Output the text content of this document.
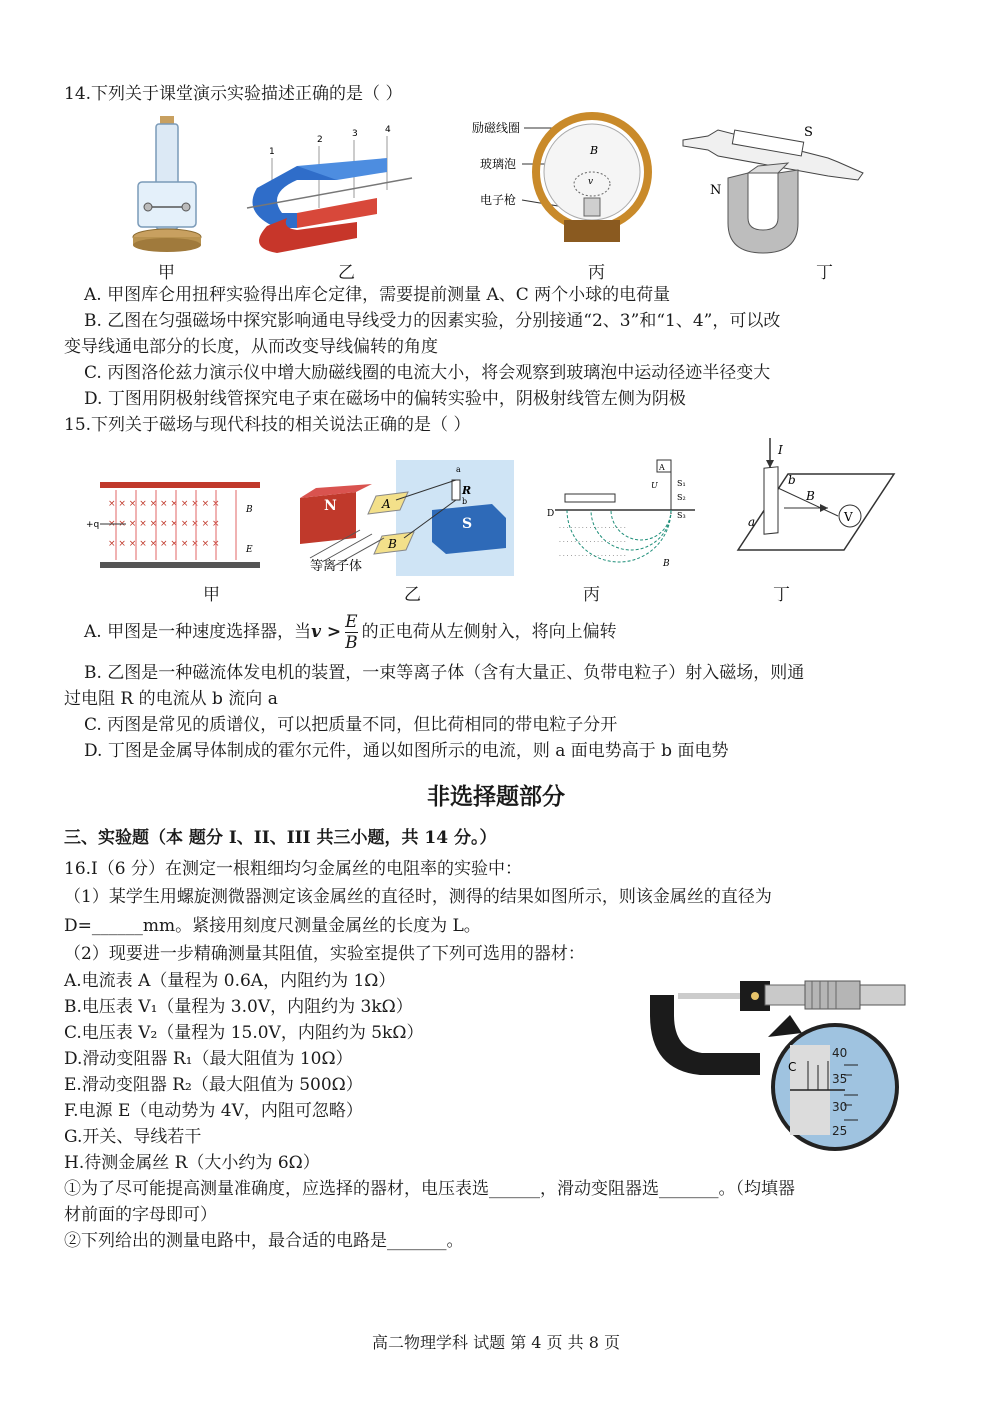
14.下列关于课堂演示实验描述正确的是（ ）
甲
1
2
3	4
乙
励磁线圈
玻璃泡
电子枪
B
v
丙
S
N
丁
A. 甲图库仑用扭秤实验得出库仑定律，需要提前测量 A、C 两个小球的电荷量
B. 乙图在匀强磁场中探究影响通电导线受力的因素实验，分别接通“2、3”和“1、4”，可以改
变导线通电部分的长度，从而改变导线偏转的角度
C. 丙图洛伦兹力演示仪中增大励磁线圈的电流大小，将会观察到玻璃泡中运动径迹半径变大
D. 丁图用阴极射线管探究电子束在磁场中的偏转实验中，阴极射线管左侧为阴极
15.下列关于磁场与现代科技的相关说法正确的是（ ）
× × × × × × × × × × ×
× × × × × × × × × × ×
× × × × × × × × × × ×
+q
B
E
甲
N	A
B
S
R
a
b
等离子体
乙
A
U S₁
S₂
S₃
D
· · · · · · · · · · · · · · · · · ·
· · · · · · · · · · · · · · · · · ·
· · · · · · · · · · · · · · · · · ·
B
丙
I
b
a
B
V
丁
A. 甲图是一种速度选择器，当$v > \frac{E}{B}$ 的正电荷从左侧射入，将向上偏转
B. 乙图是一种磁流体发电机的装置，一束等离子体（含有大量正、负带电粒子）射入磁场，则通
过电阻 R 的电流从 b 流向 a
C. 丙图是常见的质谱仪，可以把质量不同，但比荷相同的带电粒子分开
D. 丁图是金属导体制成的霍尔元件，通以如图所示的电流，则 a 面电势高于 b 面电势
非选择题部分
三、实验题（本 题分 I、II、III 共三小题，共 14 分。）
16.I（6 分）在测定一根粗细均匀金属丝的电阻率的实验中：
（1）某学生用螺旋测微器测定该金属丝的直径时，测得的结果如图所示，则该金属丝的直径为
D=______mm。紧接用刻度尺测量金属丝的长度为 L。
（2）现要进一步精确测量其阻值，实验室提供了下列可选用的器材：
A.电流表 A（量程为 0.6A，内阻约为 1Ω）
B.电压表 V₁（量程为 3.0V，内阻约为 3kΩ）
C.电压表 V₂（量程为 15.0V，内阻约为 5kΩ）
D.滑动变阻器 R₁（最大阻值为 10Ω）
E.滑动变阻器 R₂（最大阻值为 500Ω）
F.电源 E（电动势为 4V，内阻可忽略）
G.开关、导线若干
H.待测金属丝 R（大小约为 6Ω）
C
40
35
30
25
①为了尽可能提高测量准确度，应选择的器材，电压表选______，滑动变阻器选_______。（均填器
材前面的字母即可）
②下列给出的测量电路中，最合适的电路是_______。
高二物理学科 试题 第 4 页 共 8 页
